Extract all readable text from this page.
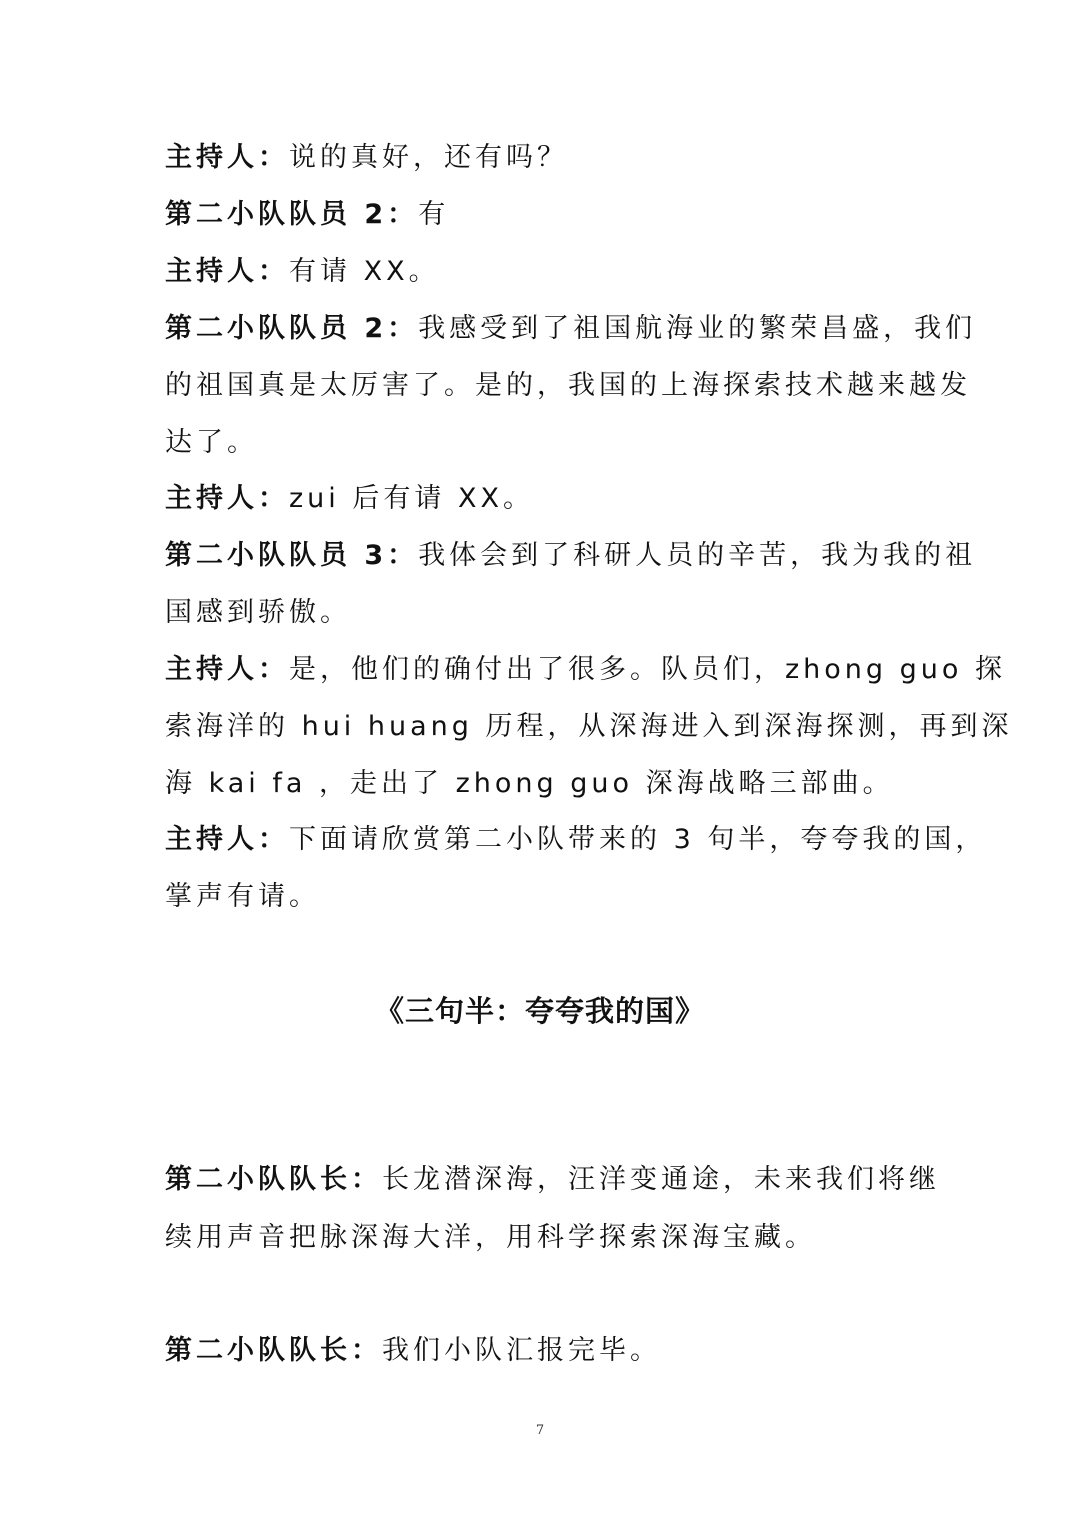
主持人：说的真好，还有吗？
第二小队队员 2：有
主持人：有请 XX。
第二小队队员 2：我感受到了祖国航海业的繁荣昌盛，我们
的祖国真是太厉害了。是的，我国的上海探索技术越来越发
达了。
主持人：zui 后有请 XX。
第二小队队员 3：我体会到了科研人员的辛苦，我为我的祖
国感到骄傲。
主持人：是，他们的确付出了很多。队员们，zhong guo 探
索海洋的 hui huang 历程，从深海进入到深海探测，再到深
海 kai fa ，走出了 zhong guo 深海战略三部曲。
主持人：下面请欣赏第二小队带来的 3 句半，夸夸我的国，
掌声有请。
《三句半：夸夸我的国》
第二小队队长：长龙潜深海，汪洋变通途，未来我们将继
续用声音把脉深海大洋，用科学探索深海宝藏。
第二小队队长：我们小队汇报完毕。
7
